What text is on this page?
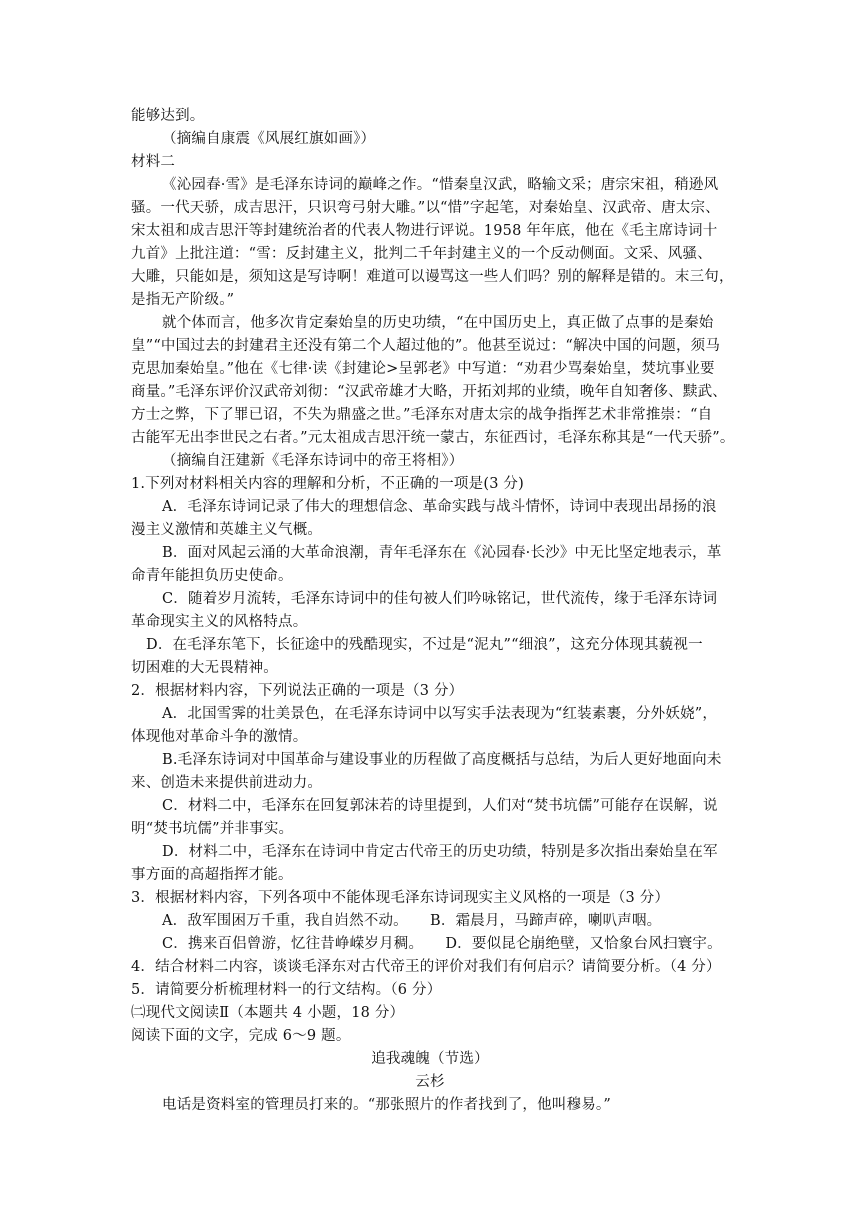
能够达到。
（摘编自康震《风展红旗如画》）
材料二
《沁园春·雪》是毛泽东诗词的巅峰之作。“惜秦皇汉武，略输文采；唐宗宋祖，稍逊风
骚。一代天骄，成吉思汗，只识弯弓射大雕。”以“惜”字起笔，对秦始皇、汉武帝、唐太宗、
宋太祖和成吉思汗等封建统治者的代表人物进行评说。1958 年年底，他在《毛主席诗词十
九首》上批注道：“雪：反封建主义，批判二千年封建主义的一个反动侧面。文采、风骚、
大雕，只能如是，须知这是写诗啊！难道可以谩骂这一些人们吗？别的解释是错的。末三句，
是指无产阶级。”
就个体而言，他多次肯定秦始皇的历史功绩，“在中国历史上，真正做了点事的是秦始
皇”“中国过去的封建君主还没有第二个人超过他的”。他甚至说过：“解决中国的问题，须马
克思加秦始皇。”他在《七律·读《封建论>呈郭老》中写道：“劝君少骂秦始皇，焚坑事业要
商量。”毛泽东评价汉武帝刘彻：“汉武帝雄才大略，开拓刘邦的业绩，晚年自知奢侈、黩武、
方士之弊，下了罪已诏，不失为鼎盛之世。”毛泽东对唐太宗的战争指挥艺术非常推崇：“自
古能军无出李世民之右者。”元太祖成吉思汗统一蒙古，东征西讨，毛泽东称其是“一代天骄”。
（摘编自汪建新《毛泽东诗词中的帝王将相》）
1.下列对材料相关内容的理解和分析，不正确的一项是(3 分)
A．毛泽东诗词记录了伟大的理想信念、革命实践与战斗情怀，诗词中表现出昂扬的浪
漫主义激情和英雄主义气概。
B．面对风起云涌的大革命浪潮，青年毛泽东在《沁园春·长沙》中无比坚定地表示，革
命青年能担负历史使命。
C．随着岁月流转，毛泽东诗词中的佳句被人们吟咏铭记，世代流传，缘于毛泽东诗词
革命现实主义的风格特点。
D．在毛泽东笔下，长征途中的残酷现实，不过是“泥丸”“细浪”，这充分体现其藐视一
切困难的大无畏精神。
2．根据材料内容，下列说法正确的一项是（3 分）
A．北国雪霁的壮美景色，在毛泽东诗词中以写实手法表现为“红装素裹，分外妖娆”，
体现他对革命斗争的激情。
B.毛泽东诗词对中国革命与建设事业的历程做了高度概括与总结，为后人更好地面向未
来、创造未来提供前进动力。
C．材料二中，毛泽东在回复郭沫若的诗里提到，人们对“焚书坑儒”可能存在误解，说
明“焚书坑儒”并非事实。
D．材料二中，毛泽东在诗词中肯定古代帝王的历史功绩，特别是多次指出秦始皇在军
事方面的高超指挥才能。
3．根据材料内容，下列各项中不能体现毛泽东诗词现实主义风格的一项是（3 分）
A．敌军围困万千重，我自岿然不动。　　B．霜晨月，马蹄声碎，喇叭声咽。
C．携来百侣曾游，忆往昔峥嵘岁月稠。　　D．要似昆仑崩绝壁，又恰象台风扫寰宇。
4．结合材料二内容，谈谈毛泽东对古代帝王的评价对我们有何启示？请简要分析。（4 分）
5．请简要分析梳理材料一的行文结构。（6 分）
㈡现代文阅读Ⅱ（本题共 4 小题，18 分）
阅读下面的文字，完成 6～9 题。
追我魂魄（节选）
云杉
电话是资料室的管理员打来的。“那张照片的作者找到了，他叫穆易。”
